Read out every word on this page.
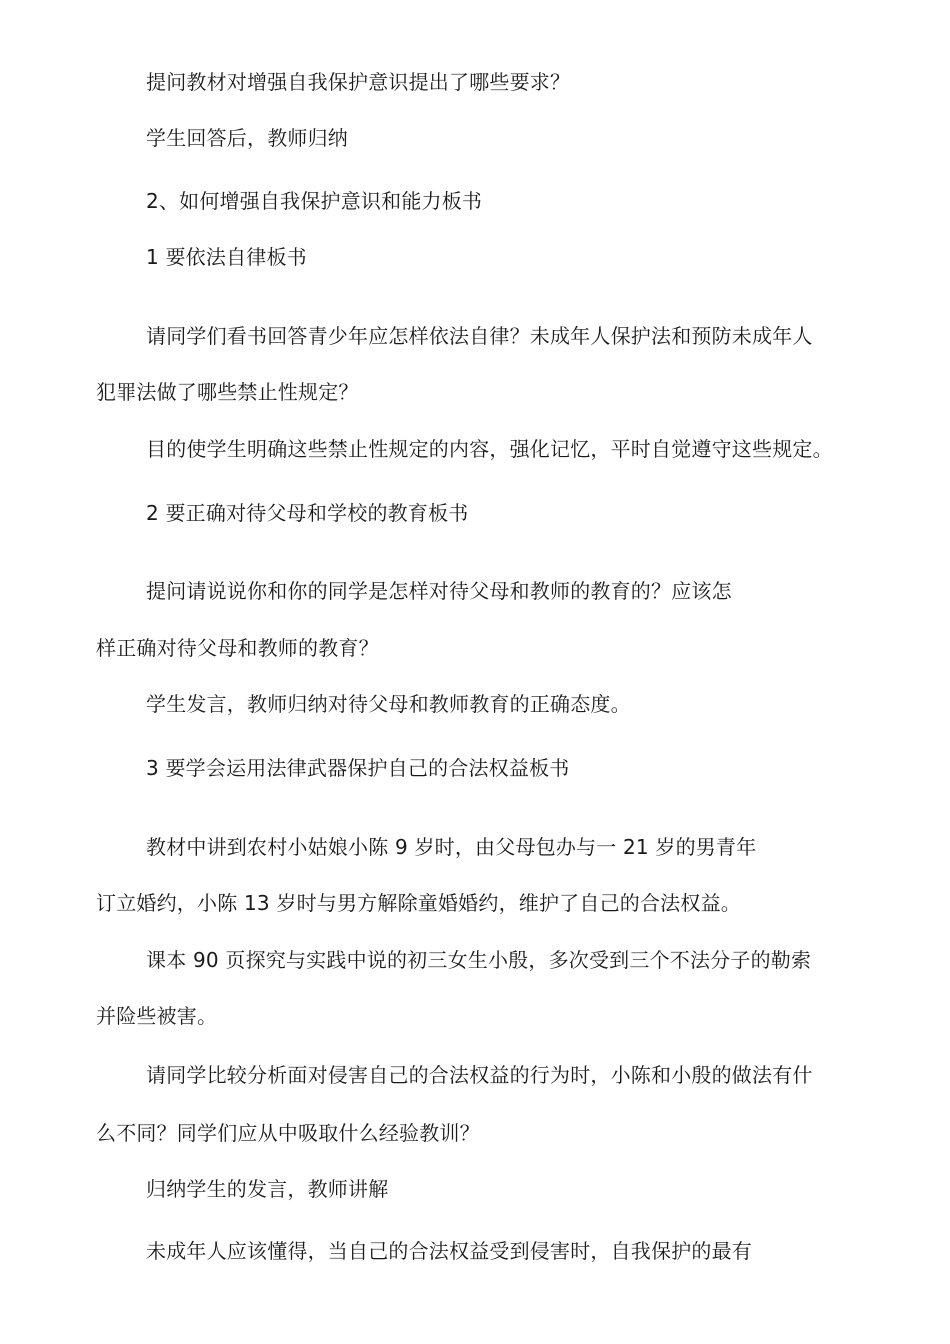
提问教材对增强自我保护意识提出了哪些要求？
学生回答后，教师归纳
2、如何增强自我保护意识和能力板书
1 要依法自律板书
请同学们看书回答青少年应怎样依法自律？未成年人保护法和预防未成年人
犯罪法做了哪些禁止性规定？
目的使学生明确这些禁止性规定的内容，强化记忆，平时自觉遵守这些规定。
2 要正确对待父母和学校的教育板书
提问请说说你和你的同学是怎样对待父母和教师的教育的？应该怎
样正确对待父母和教师的教育？
学生发言，教师归纳对待父母和教师教育的正确态度。
3 要学会运用法律武器保护自己的合法权益板书
教材中讲到农村小姑娘小陈 9 岁时，由父母包办与一 21 岁的男青年
订立婚约，小陈 13 岁时与男方解除童婚婚约，维护了自己的合法权益。
课本 90 页探究与实践中说的初三女生小殷，多次受到三个不法分子的勒索
并险些被害。
请同学比较分析面对侵害自己的合法权益的行为时，小陈和小殷的做法有什
么不同？同学们应从中吸取什么经验教训？
归纳学生的发言，教师讲解
未成年人应该懂得，当自己的合法权益受到侵害时，自我保护的最有
